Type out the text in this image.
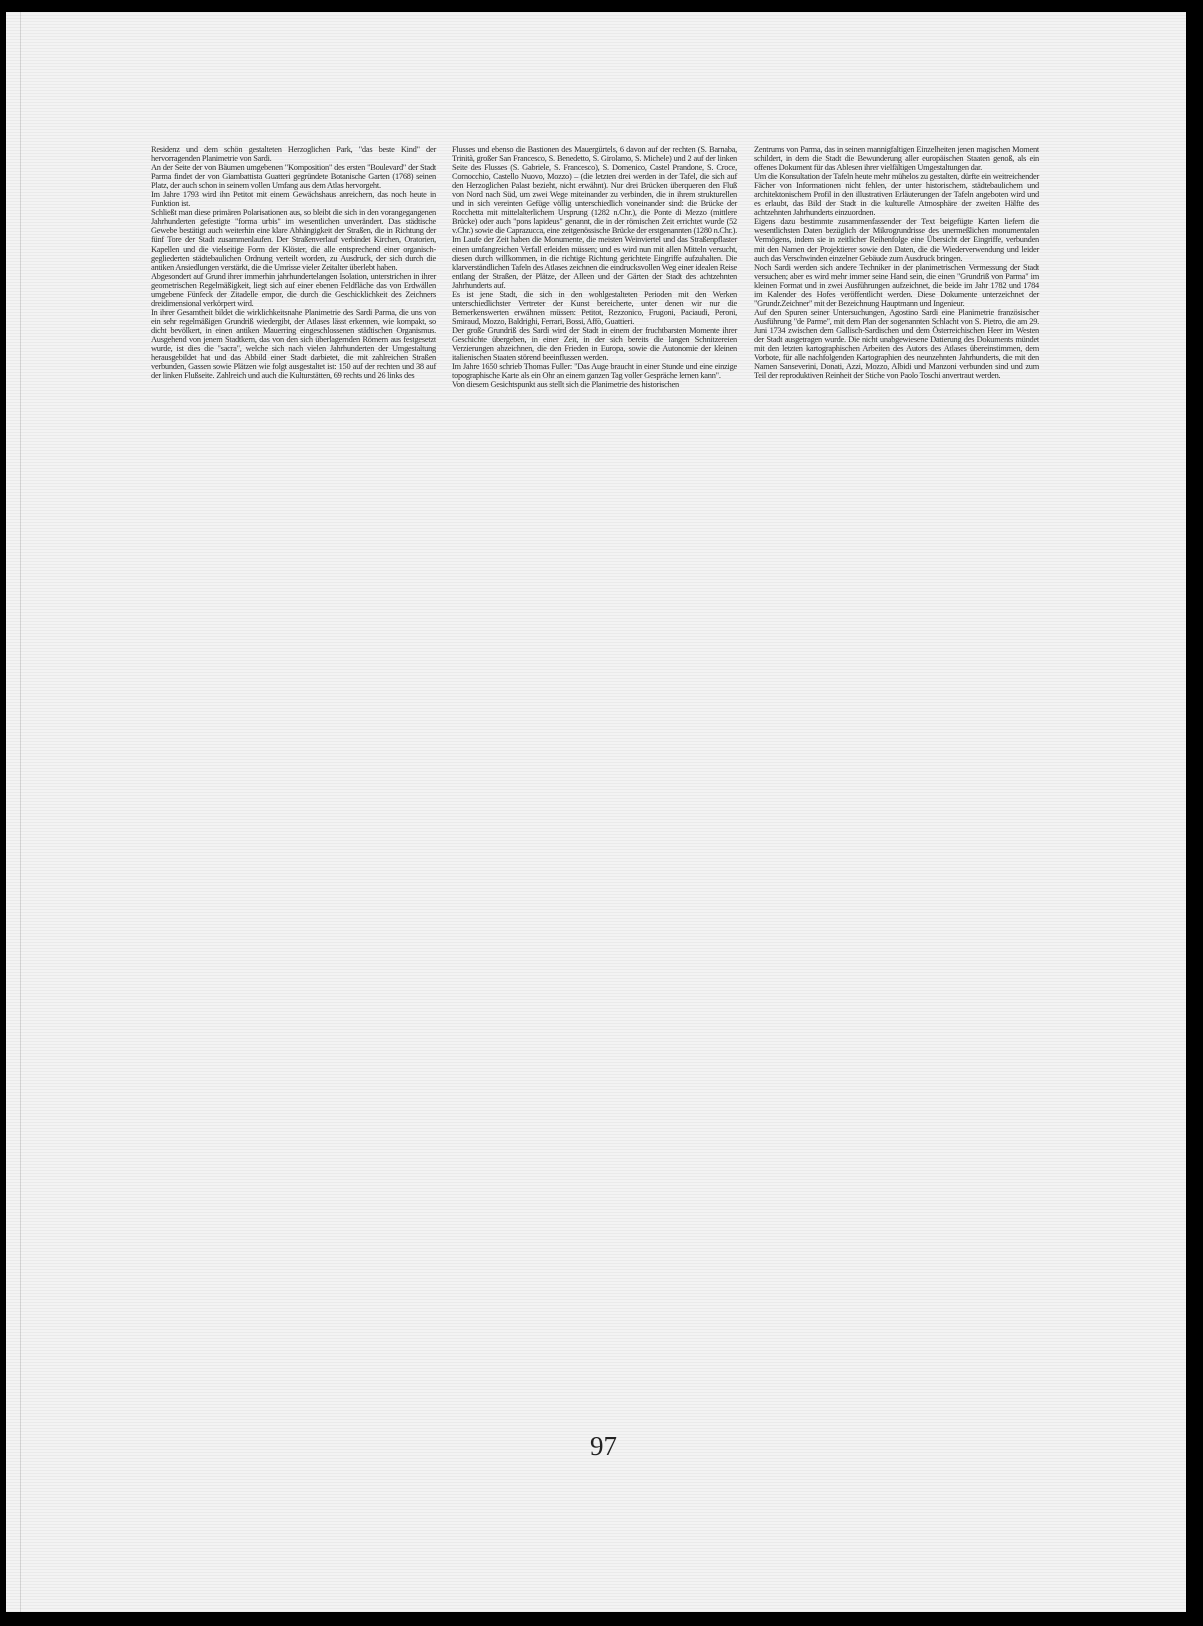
Residenz und dem schön gestalteten Herzoglichen Park, "das beste Kind" der hervorragenden Planimetrie von Sardi.

An der Seite der von Bäumen umgebenen "Komposition" des ersten "Boulevard" der Stadt Parma findet der von Giambattista Guatteri gegründete Botanische Garten (1768) seinen Platz, der auch schon in seinem vollen Umfang aus dem Atlas hervorgeht.

Im Jahre 1793 wird ihn Petitot mit einem Gewächshaus anreichern, das noch heute in Funktion ist.

Schließt man diese primären Polarisationen aus, so bleibt die sich in den vorangegangenen Jahrhunderten gefestigte "forma urbis" im wesentlichen unverändert. Das städtische Gewebe bestätigt auch weiterhin eine klare Abhängigkeit der Straßen, die in Richtung der fünf Tore der Stadt zusammenlaufen. Der Straßenverlauf verbindet Kirchen, Oratorien, Kapellen und die vielseitige Form der Klöster, die alle entsprechend einer organisch-gegliederten städtebaulichen Ordnung verteilt worden, zu Ausdruck, der sich durch die antiken Ansiedlungen verstärkt, die die Umrisse vieler Zeitalter überlebt haben.

Abgesondert auf Grund ihrer immerhin jahrhundertelangen Isolation, unterstrichen in ihrer geometrischen Regelmäßigkeit, liegt sich auf einer ebenen Feldfläche das von Erdwällen umgebene Fünfeck der Zitadelle empor, die durch die Geschicklichkeit des Zeichners dreidimensional verkörpert wird.

In ihrer Gesamtheit bildet die wirklichkeitsnahe Planimetrie des Sardi Parma, die uns von ein sehr regelmäßigen Grundriß wiedergibt, der Atlases lässt erkennen, wie kompakt, so dicht bevölkert, in einen antiken Mauerring eingeschlossenen städtischen Organismus. Ausgehend von jenem Stadtkern, das von den sich überlagernden Römern aus festgesetzt wurde, ist dies die "sacra", welche sich nach vielen Jahrhunderten der Umgestaltung herausgebildet hat und das Abbild einer Stadt darbietet, die mit zahlreichen Straßen verbunden, Gassen sowie Plätzen wie folgt ausgestaltet ist: 150 auf der rechten und 38 auf der linken Flußseite. Zahlreich und auch die Kulturstätten, 69 rechts und 26 links des

Flusses und ebenso die Bastionen des Mauergürtels, 6 davon auf der rechten (S. Barnaba, Trinità, großer San Francesco, S. Benedetto, S. Girolamo, S. Michele) und 2 auf der linken Seite des Flusses (S. Gabriele, S. Francesco), S. Domenico, Castel Prandone, S. Croce, Cornocchio, Castello Nuovo, Mozzo) – (die letzten drei werden in der Tafel, die sich auf den Herzoglichen Palast bezieht, nicht erwähnt). Nur drei Brücken überqueren den Fluß von Nord nach Süd, um zwei Wege miteinander zu verbinden, die in ihrem strukturellen und in sich vereinten Gefüge völlig unterschiedlich voneinander sind: die Brücke der Rocchetta mit mittelalterlichem Ursprung (1282 n.Chr.), die Ponte di Mezzo (mittlere Brücke) oder auch "pons lapideus" genannt, die in der römischen Zeit errichtet wurde (52 v.Chr.) sowie die Caprazucca, eine zeitgenössische Brücke der erstgenannten (1280 n.Chr.). Im Laufe der Zeit haben die Monumente, die meisten Weinviertel und das Straßenpflaster einen umfangreichen Verfall erleiden müssen; und es wird nun mit allen Mitteln versucht, diesen durch willkommen, in die richtige Richtung gerichtete Eingriffe aufzuhalten. Die klarverständlichen Tafeln des Atlases zeichnen die eindrucksvollen Weg einer idealen Reise entlang der Straßen, der Plätze, der Alleen und der Gärten der Stadt des achtzehnten Jahrhunderts auf.

Es ist jene Stadt, die sich in den wohlgestalteten Perioden mit den Werken unterschiedlichster Vertreter der Kunst bereicherte, unter denen wir nur die Bemerkenswerten erwähnen müssen: Petitot, Rezzonico, Frugoni, Paciaudi, Peroni, Smiraud, Mozzo, Baldrighi, Ferrari, Bossi, Affò, Guattieri.

Der große Grundriß des Sardi wird der Stadt in einem der fruchtbarsten Momente ihrer Geschichte übergeben, in einer Zeit, in der sich bereits die langen Schnitzereien Verzierungen abzeichnen, die den Frieden in Europa, sowie die Autonomie der kleinen italienischen Staaten störend beeinflussen werden.

Im Jahre 1650 schrieb Thomas Fuller: "Das Auge braucht in einer Stunde und eine einzige topographische Karte als ein Ohr an einem ganzen Tag voller Gespräche lernen kann".

Von diesem Gesichtspunkt aus stellt sich die Planimetrie des historischen

Zentrums von Parma, das in seinen mannigfaltigen Einzelheiten jenen magischen Moment schildert, in dem die Stadt die Bewunderung aller europäischen Staaten genoß, als ein offenes Dokument für das Ablesen ihrer vielfältigen Umgestaltungen dar.

Um die Konsultation der Tafeln heute mehr mühelos zu gestalten, dürfte ein weitreichender Fächer von Informationen nicht fehlen, der unter historischem, städtebaulichem und architektonischem Profil in den illustrativen Erläuterungen der Tafeln angeboten wird und es erlaubt, das Bild der Stadt in die kulturelle Atmosphäre der zweiten Hälfte des achtzehnten Jahrhunderts einzuordnen.

Eigens dazu bestimmte zusammenfassender der Text beigefügte Karten liefern die wesentlichsten Daten bezüglich der Mikrogrundrisse des unermeßlichen monumentalen Vermögens, indem sie in zeitlicher Reihenfolge eine Übersicht der Eingriffe, verbunden mit den Namen der Projektierer sowie den Daten, die die Wiederverwendung und leider auch das Verschwinden einzelner Gebäude zum Ausdruck bringen.

Noch Sardi werden sich andere Techniker in der planimetrischen Vermessung der Stadt versuchen; aber es wird mehr immer seine Hand sein, die einen "Grundriß von Parma" im kleinen Format und in zwei Ausführungen aufzeichnet, die beide im Jahr 1782 und 1784 im Kalender des Hofes veröffentlicht werden. Diese Dokumente unterzeichnet der "Grundr.Zeichner" mit der Bezeichnung Hauptmann und Ingenieur.

Auf den Spuren seiner Untersuchungen, Agostino Sardi eine Planimetrie französischer Ausführung "de Parme", mit dem Plan der sogenannten Schlacht von S. Pietro, die am 29. Juni 1734 zwischen dem Gallisch-Sardischen und dem Österreichischen Heer im Westen der Stadt ausgetragen wurde. Die nicht unabgewiesene Datierung des Dokuments mündet mit den letzten kartographischen Arbeiten des Autors des Atlases übereinstimmen, dem Vorbote, für alle nachfolgenden Kartographien des neunzehnten Jahrhunderts, die mit den Namen Sanseverini, Donati, Azzi, Mozzo, Albidi und Manzoni verbunden sind und zum Teil der reproduktiven Reinheit der Stiche von Paolo Toschi anvertraut werden.

97
